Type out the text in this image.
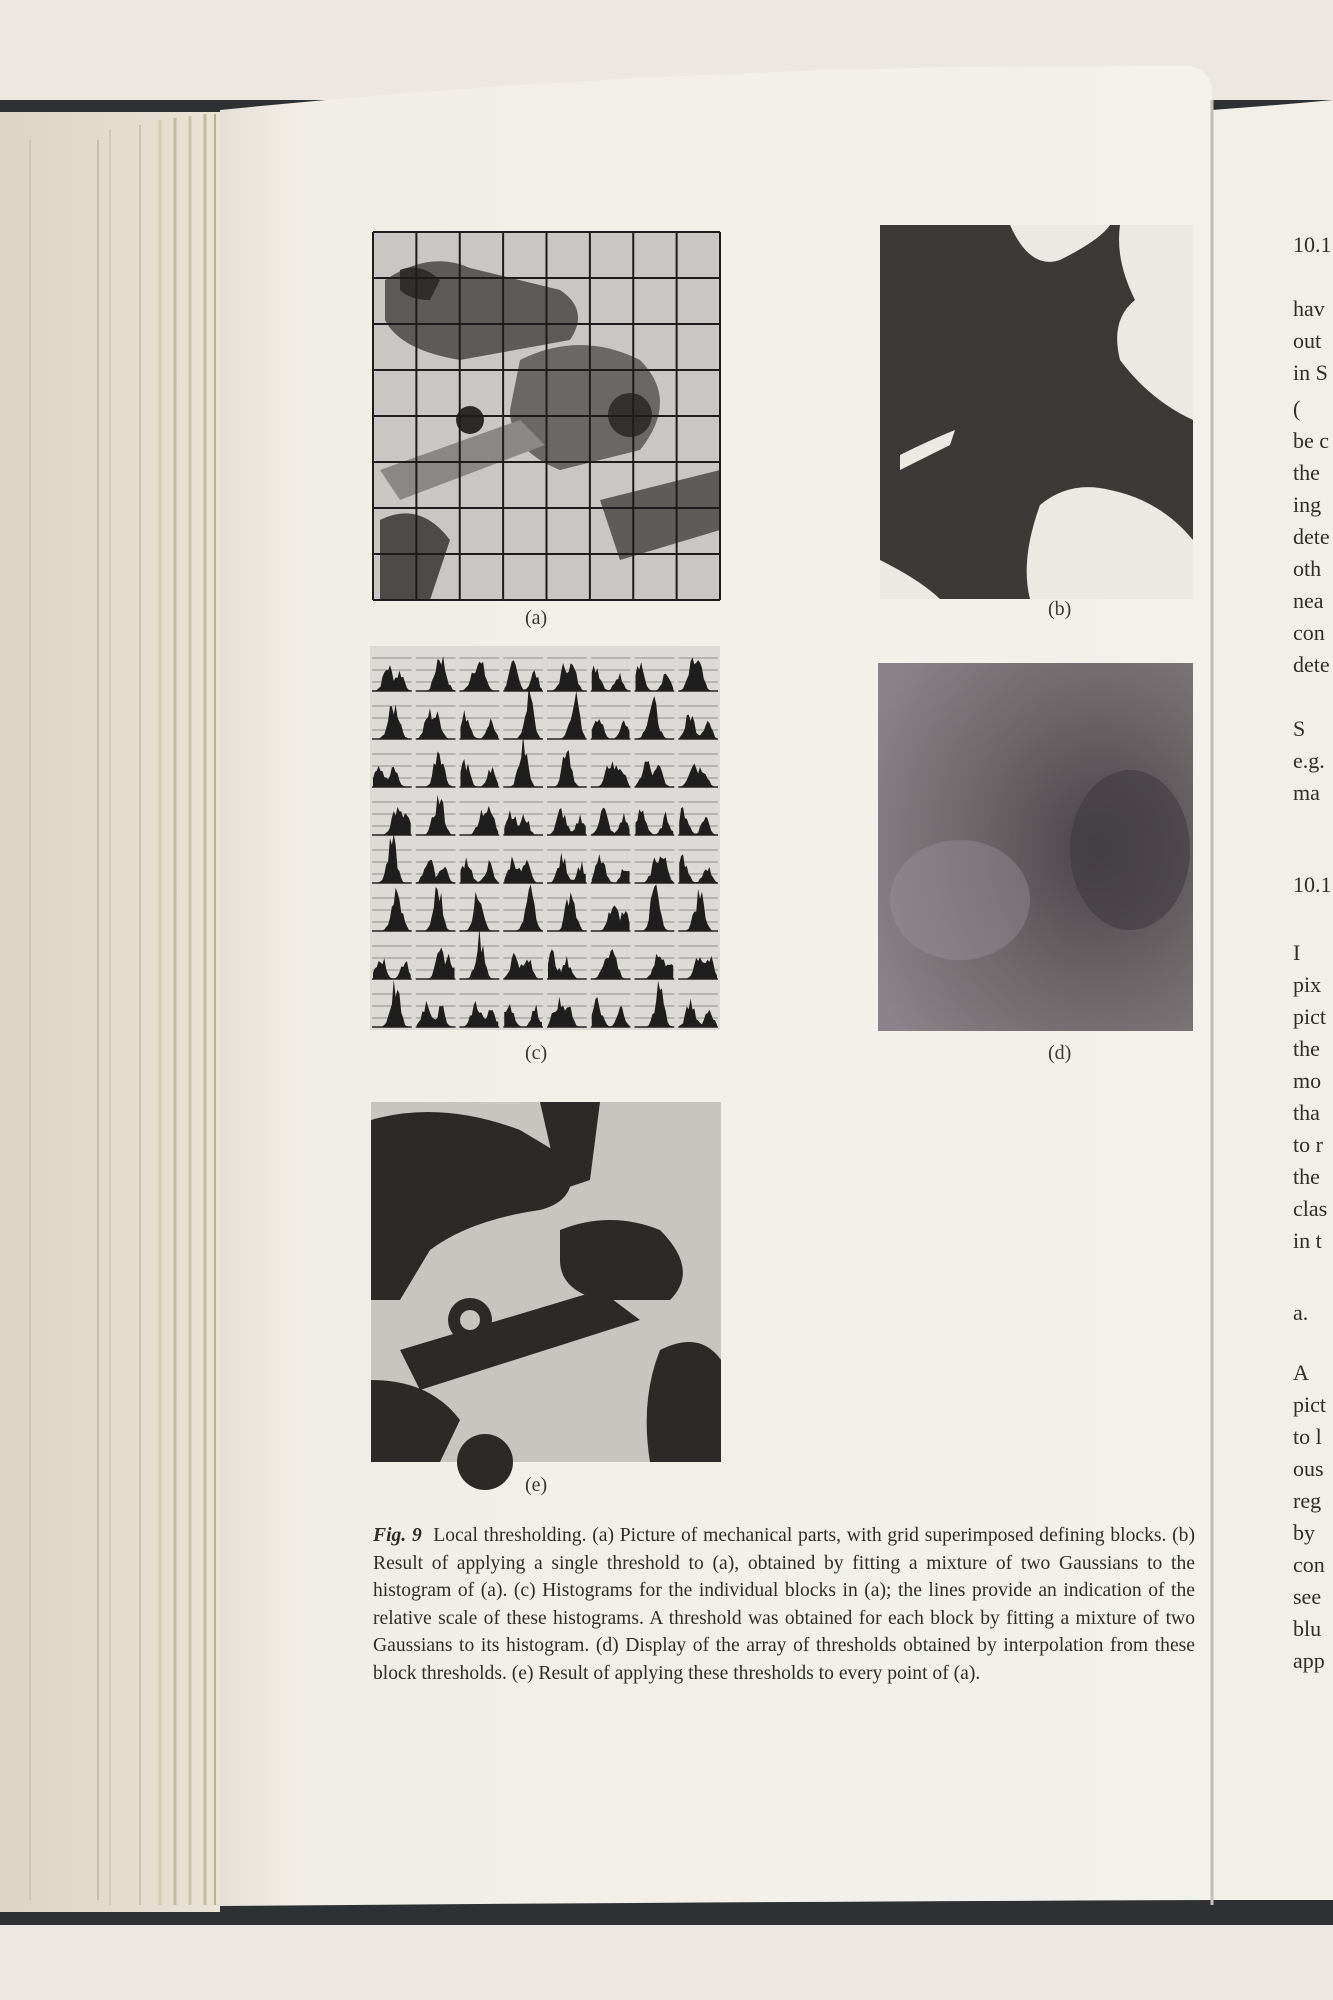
(a)	(b)
(c)	(d)
(e)
Fig. 9 Local thresholding. (a) Picture of mechanical parts, with grid superimposed defining blocks. (b) Result of applying a single threshold to (a), obtained by fitting a mixture of two Gaussians to the histogram of (a). (c) Histograms for the individual blocks in (a); the lines provide an indication of the relative scale of these histograms. A threshold was obtained for each block by fitting a mixture of two Gaussians to its histogram. (d) Display of the array of thresholds obtained by interpolation from these block thresholds. (e) Result of applying these thresholds to every point of (a).
10.1
hav
out
in S
(
be c
the
ing
dete
oth
nea
con
dete
S
e.g.
ma
10.1
I
pix
pict
the
mo
tha
to r
the
clas
in t
a.
A
pict
to l
ous
reg
by
con
see
blu
app
